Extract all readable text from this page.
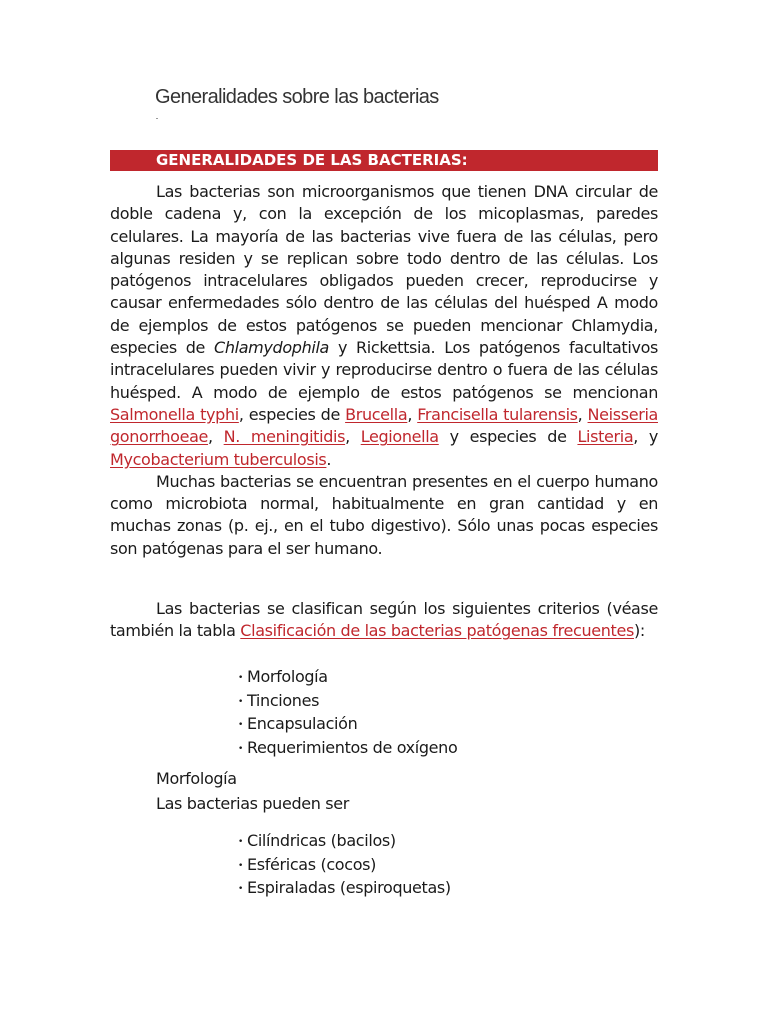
Generalidades sobre las bacterias
GENERALIDADES DE LAS BACTERIAS:

Las bacterias son microorganismos que tienen DNA circular de doble cadena y, con la excepción de los micoplasmas, paredes celulares. La mayoría de las bacterias vive fuera de las células, pero algunas residen y se replican sobre todo dentro de las células. Los patógenos intracelulares obligados pueden crecer, reproducirse y causar enfermedades sólo dentro de las células del huésped A modo de ejemplos de estos patógenos se pueden mencionar Chlamydia, especies de Chlamydophila y Rickettsia. Los patógenos facultativos intracelulares pueden vivir y reproducirse dentro o fuera de las células huésped. A modo de ejemplo de estos patógenos se mencionan Salmonella typhi, especies de Brucella, Francisella tularensis, Neisseria gonorrhoeae, N. meningitidis, Legionella y especies de Listeria, y Mycobacterium tuberculosis.

Muchas bacterias se encuentran presentes en el cuerpo humano como microbiota normal, habitualmente en gran cantidad y en muchas zonas (p. ej., en el tubo digestivo). Sólo unas pocas especies son patógenas para el ser humano.

Las bacterias se clasifican según los siguientes criterios (véase también la tabla Clasificación de las bacterias patógenas frecuentes):

• Morfología
• Tinciones
• Encapsulación
• Requerimientos de oxígeno
Morfología
Las bacterias pueden ser
• Cilíndricas (bacilos)
• Esféricas (cocos)
• Espiraladas (espiroquetas)
